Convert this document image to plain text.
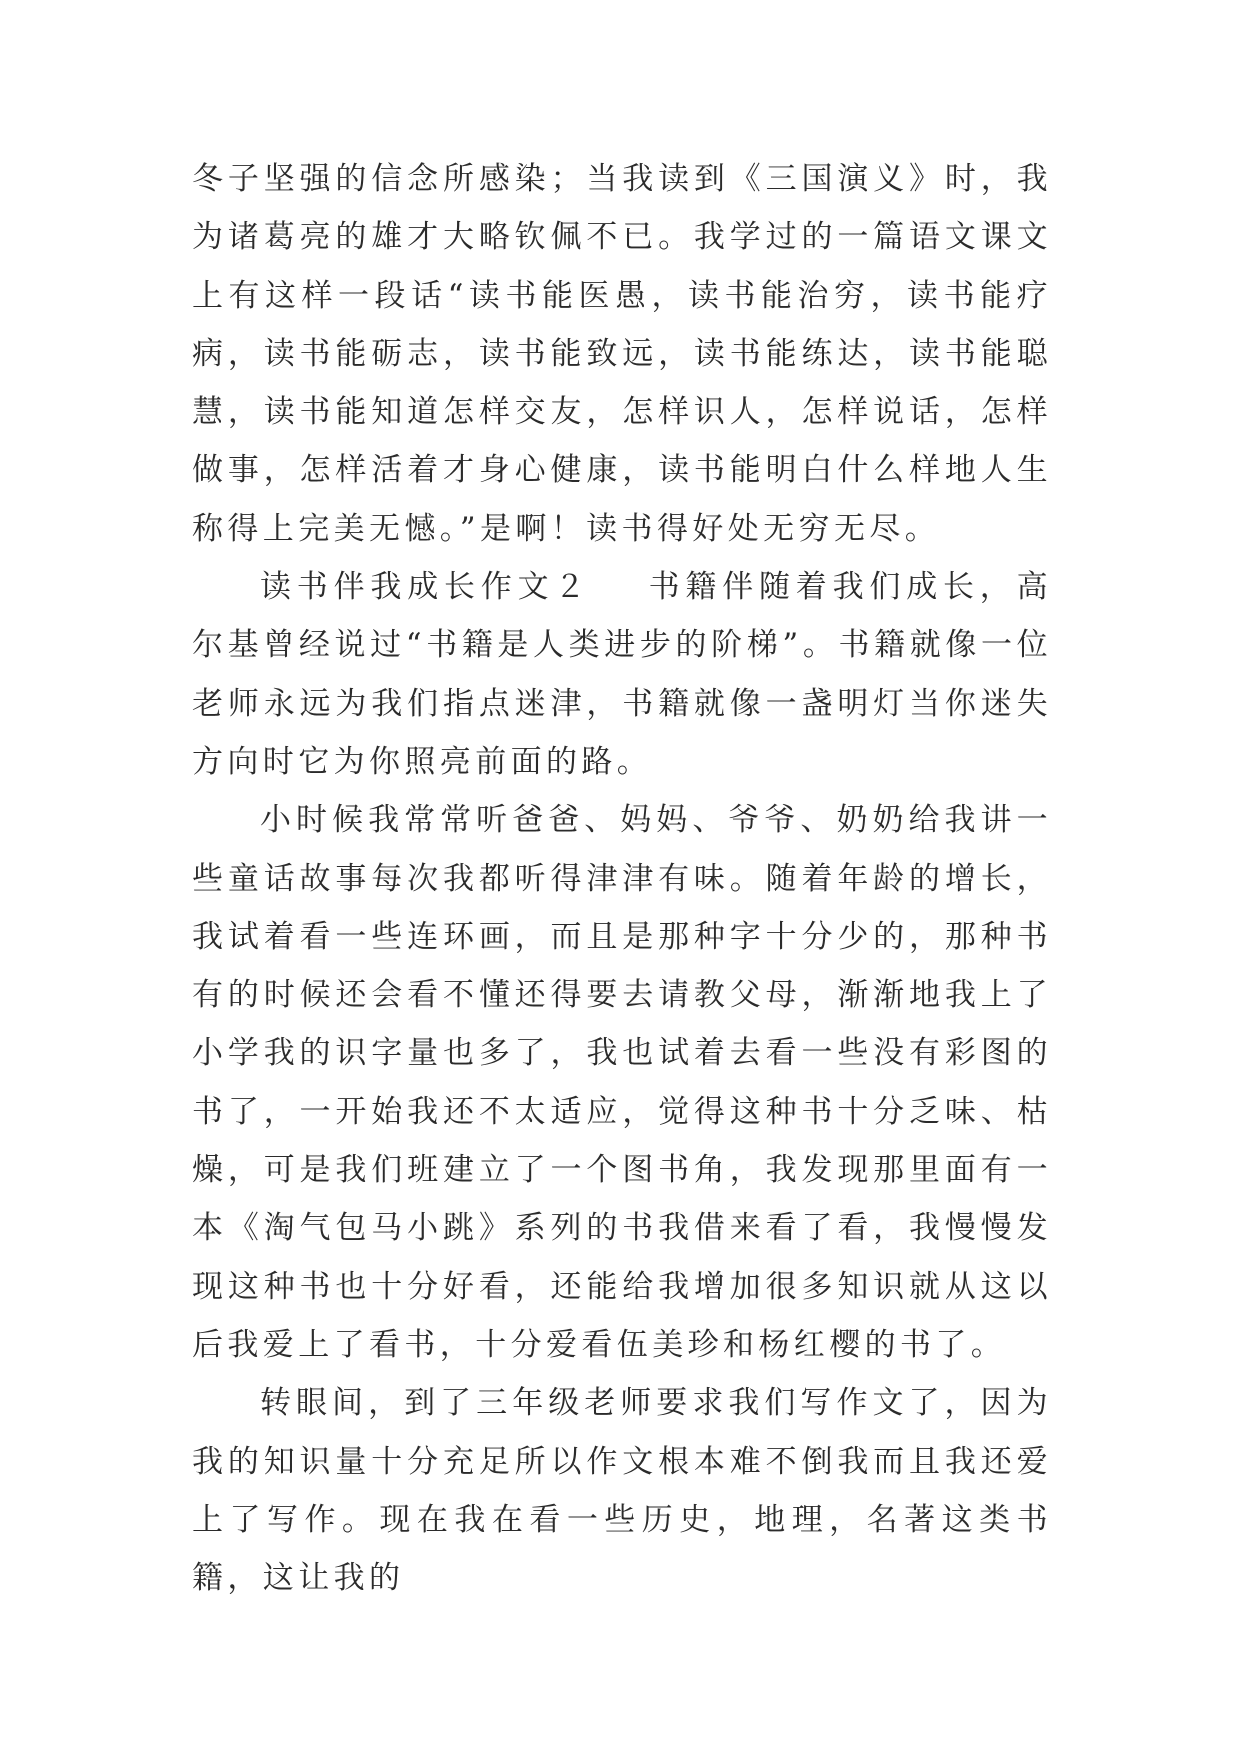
冬子坚强的信念所感染；当我读到《三国演义》时，我为诸葛亮的雄才大略钦佩不已。我学过的一篇语文课文上有这样一段话“读书能医愚，读书能治穷，读书能疗病，读书能砺志，读书能致远，读书能练达，读书能聪慧，读书能知道怎样交友，怎样识人，怎样说话，怎样做事，怎样活着才身心健康，读书能明白什么样地人生称得上完美无憾。”是啊！读书得好处无穷无尽。

读书伴我成长作文２ 书籍伴随着我们成长，高尔基曾经说过“书籍是人类进步的阶梯”。书籍就像一位老师永远为我们指点迷津，书籍就像一盏明灯当你迷失方向时它为你照亮前面的路。

小时候我常常听爸爸、妈妈、爷爷、奶奶给我讲一些童话故事每次我都听得津津有味。随着年龄的增长，我试着看一些连环画，而且是那种字十分少的，那种书有的时候还会看不懂还得要去请教父母，渐渐地我上了小学我的识字量也多了，我也试着去看一些没有彩图的书了，一开始我还不太适应，觉得这种书十分乏味、枯燥，可是我们班建立了一个图书角，我发现那里面有一本《淘气包马小跳》系列的书我借来看了看，我慢慢发现这种书也十分好看，还能给我增加很多知识就从这以后我爱上了看书，十分爱看伍美珍和杨红樱的书了。

转眼间，到了三年级老师要求我们写作文了，因为我的知识量十分充足所以作文根本难不倒我而且我还爱上了写作。现在我在看一些历史，地理，名著这类书籍，这让我的
